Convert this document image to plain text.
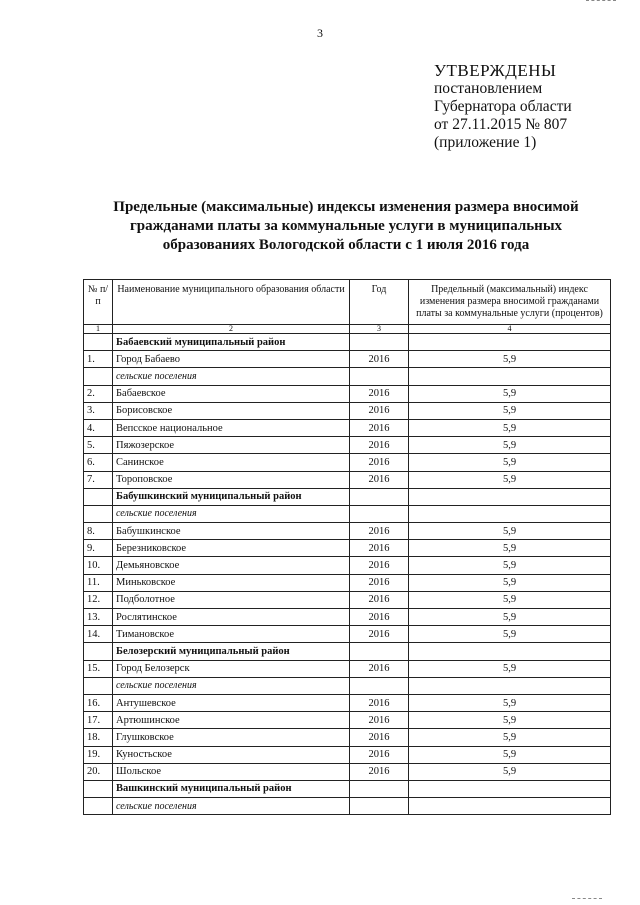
3
УТВЕРЖДЕНЫ
постановлением
Губернатора области
от 27.11.2015 № 807
(приложение 1)
Предельные (максимальные) индексы изменения размера вносимой
гражданами платы за коммунальные услуги в муниципальных
образованиях Вологодской области с 1 июля 2016 года
№ п/п	Наименование муниципального образования области	Год	Предельный (максимальный) индекс изменения размера вносимой гражданами платы за коммунальные услуги (процентов)
1	2	3	4
	Бабаевский муниципальный район		
1.	Город Бабаево	2016	5,9
	сельские поселения		
2.	Бабаевское	2016	5,9
3.	Борисовское	2016	5,9
4.	Вепсское национальное	2016	5,9
5.	Пяжозерское	2016	5,9
6.	Санинское	2016	5,9
7.	Тороповское	2016	5,9
	Бабушкинский муниципальный район		
	сельские поселения		
8.	Бабушкинское	2016	5,9
9.	Березниковское	2016	5,9
10.	Демьяновское	2016	5,9
11.	Миньковское	2016	5,9
12.	Подболотное	2016	5,9
13.	Рослятинское	2016	5,9
14.	Тимановское	2016	5,9
	Белозерский муниципальный район		
15.	Город Белозерск	2016	5,9
	сельские поселения		
16.	Антушевское	2016	5,9
17.	Артюшинское	2016	5,9
18.	Глушковское	2016	5,9
19.	Куностьское	2016	5,9
20.	Шольское	2016	5,9
	Вашкинский муниципальный район		
	сельские поселения		
